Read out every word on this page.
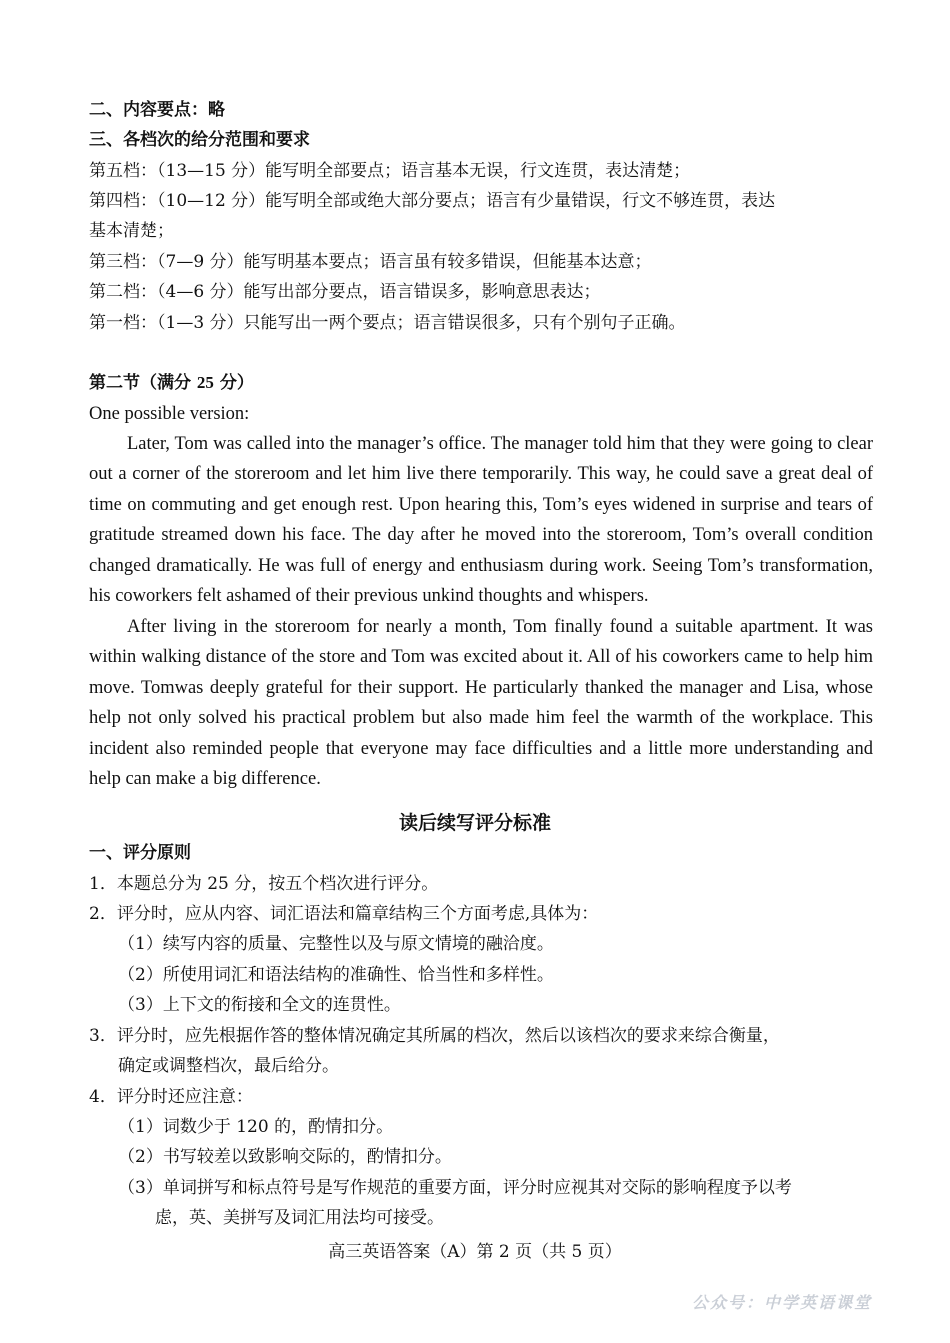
二、内容要点：略
三、各档次的给分范围和要求
第五档：（13—15 分）能写明全部要点；语言基本无误，行文连贯，表达清楚；
第四档：（10—12 分）能写明全部或绝大部分要点；语言有少量错误，行文不够连贯，表达
基本清楚；
第三档：（7—9 分）能写明基本要点；语言虽有较多错误，但能基本达意；
第二档：（4—6 分）能写出部分要点，语言错误多，影响意思表达；
第一档：（1—3 分）只能写出一两个要点；语言错误很多，只有个别句子正确。
第二节（满分 25 分）
One possible version:
Later, Tom was called into the manager’s office. The manager told him that they were going to clear out a corner of the storeroom and let him live there temporarily. This way, he could save a great deal of time on commuting and get enough rest. Upon hearing this, Tom’s eyes widened in surprise and tears of gratitude streamed down his face. The day after he moved into the storeroom, Tom’s overall condition changed dramatically. He was full of energy and enthusiasm during work. Seeing Tom’s transformation, his coworkers felt ashamed of their previous unkind thoughts and whispers.
After living in the storeroom for nearly a month, Tom finally found a suitable apartment. It was within walking distance of the store and Tom was excited about it. All of his coworkers came to help him move. Tomwas deeply grateful for their support. He particularly thanked the manager and Lisa, whose help not only solved his practical problem but also made him feel the warmth of the workplace. This incident also reminded people that everyone may face difficulties and a little more understanding and help can make a big difference.
读后续写评分标准
一、评分原则
1．本题总分为 25 分，按五个档次进行评分。
2．评分时，应从内容、词汇语法和篇章结构三个方面考虑,具体为：
（1）续写内容的质量、完整性以及与原文情境的融洽度。
（2）所使用词汇和语法结构的准确性、恰当性和多样性。
（3）上下文的衔接和全文的连贯性。
3．评分时，应先根据作答的整体情况确定其所属的档次，然后以该档次的要求来综合衡量，
确定或调整档次，最后给分。
4．评分时还应注意：
（1）词数少于 120 的，酌情扣分。
（2）书写较差以致影响交际的，酌情扣分。
（3）单词拼写和标点符号是写作规范的重要方面，评分时应视其对交际的影响程度予以考
虑，英、美拼写及词汇用法均可接受。
高三英语答案（A）第 2 页（共 5 页）
公众号：中学英语课堂
